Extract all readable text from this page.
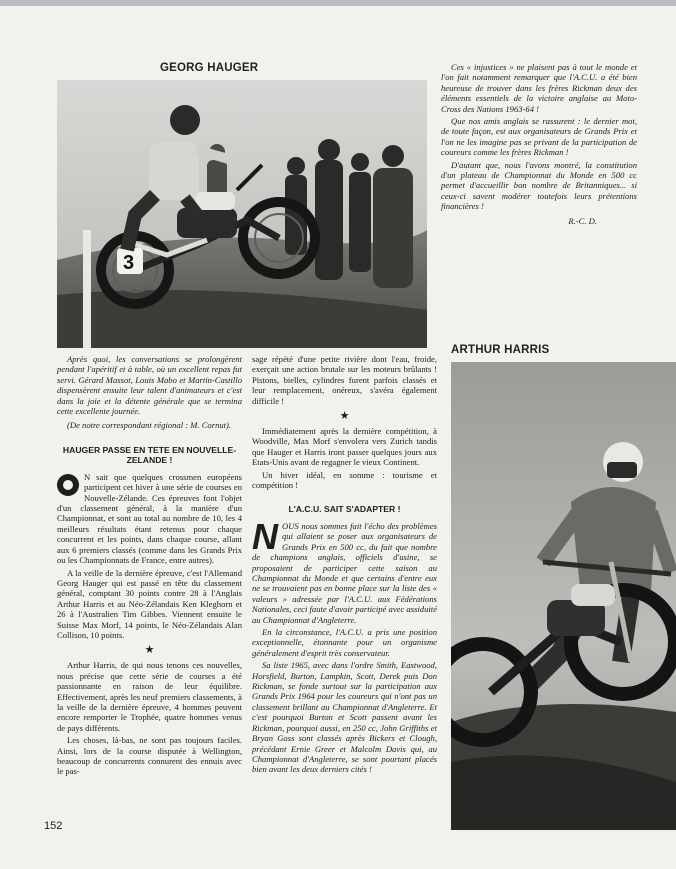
GEORG HAUGER
ARTHUR HARRIS
3

Après quoi, les conversations se prolongèrent pendant l'apéritif et à table, où un excellent repas fut servi. Gérard Massot, Louis Mabo et Martin-Castillo dispensèrent ensuite leur talent d'animateurs et c'est dans la joie et la détente générale que se termina cette excellente journée.

(De notre correspondant régional : M. Cornut).

HAUGER PASSE EN TETE EN NOUVELLE-ZELANDE !

N sait que quelques crossmen européens participent cet hiver à une série de courses en Nouvelle-Zélande. Ces épreuves font l'objet d'un classement général, à la manière d'un Championnat, et sont au total au nombre de 10, les 4 meilleurs résultats étant retenus pour chaque concurrent et les points, dans chaque course, allant aux 6 premiers classés (comme dans les Grands Prix ou les Championnats de France, entre autres).

A la veille de la dernière épreuve, c'est l'Allemand Georg Hauger qui est passé en tête du classement général, comptant 30 points contre 28 à l'Anglais Arthur Harris et au Néo-Zélandais Ken Kleghorn et 26 à l'Australien Tim Gibbes. Viennent ensuite le Suisse Max Morf, 14 points, le Néo-Zélandais Alan Collison, 10 points.

★

Arthur Harris, de qui nous tenons ces nouvelles, nous précise que cette série de courses a été passionnante en raison de leur équilibre. Effectivement, après les neuf premiers classements, à la veille de la dernière épreuve, 4 hommes peuvent encore remporter le Trophée, quatre hommes venus de pays différents.

Les choses, là-bas, ne sont pas toujours faciles. Ainsi, lors de la course disputée à Wellington, beaucoup de concurrents connurent des ennuis avec le pas-

sage répété d'une petite rivière dont l'eau, froide, exerçait une action brutale sur les moteurs brûlants ! Pistons, bielles, cylindres furent parfois classés et leur remplacement, onéreux, s'avéra également difficile !

★

Immédiatement après la dernière compétition, à Woodville, Max Morf s'envolera vers Zurich tandis que Hauger et Harris iront passer quelques jours aux Etats-Unis avant de regagner le vieux Continent.

Un hiver idéal, en somme : tourisme et compétition !

L'A.C.U. SAIT S'ADAPTER !

NOUS nous sommes fait l'écho des problèmes qui allaient se poser aux organisateurs de Grands Prix en 500 cc, du fait que nombre de champions anglais, officiels d'usine, se proposaient de participer cette saison au Championnat du Monde et que certains d'entre eux ne se trouvaient pas en bonne place sur la liste des « valeurs » adressée par l'A.C.U. aux Fédérations Nationales, ceci faute d'avoir participé avec assiduité au Championnat d'Angleterre.

En la circonstance, l'A.C.U. a pris une position exceptionnelle, étonnante pour un organisme généralement d'esprit très conservateur.

Sa liste 1965, avec dans l'ordre Smith, Eastwood, Horsfield, Burton, Lampkin, Scott, Derek puis Don Rickman, se fonde surtout sur la participation aux Grands Prix 1964 pour les coureurs qui n'ont pas un classement brillant au Championnat d'Angleterre. Et c'est pourquoi Burton et Scott passent avant les Rickman, pourquoi aussi, en 250 cc, John Griffiths et Bryan Goss sont classés après Bickers et Clough, précédant Ernie Greer et Malcolm Davis qui, au Championnat d'Angleterre, se sont pourtant placés bien avant les deux derniers cités !

Ces « injustices » ne plaisent pas à tout le monde et l'on fait notamment remarquer que l'A.C.U. a été bien heureuse de trouver dans les frères Rickman deux des éléments essentiels de la victoire anglaise au Moto-Cross des Nations 1963-64 !

Que nos amis anglais se rassurent : le dernier mot, de toute façon, est aux organisateurs de Grands Prix et l'on ne les imagine pas se privant de la participation de coureurs comme les frères Rickman !

D'autant que, nous l'avons montré, la constitution d'un plateau de Championnat du Monde en 500 cc permet d'accueillir bon nombre de Britanniques... si ceux-ci savent modérer toutefois leurs prétentions financières !

R.-C. D.

152
